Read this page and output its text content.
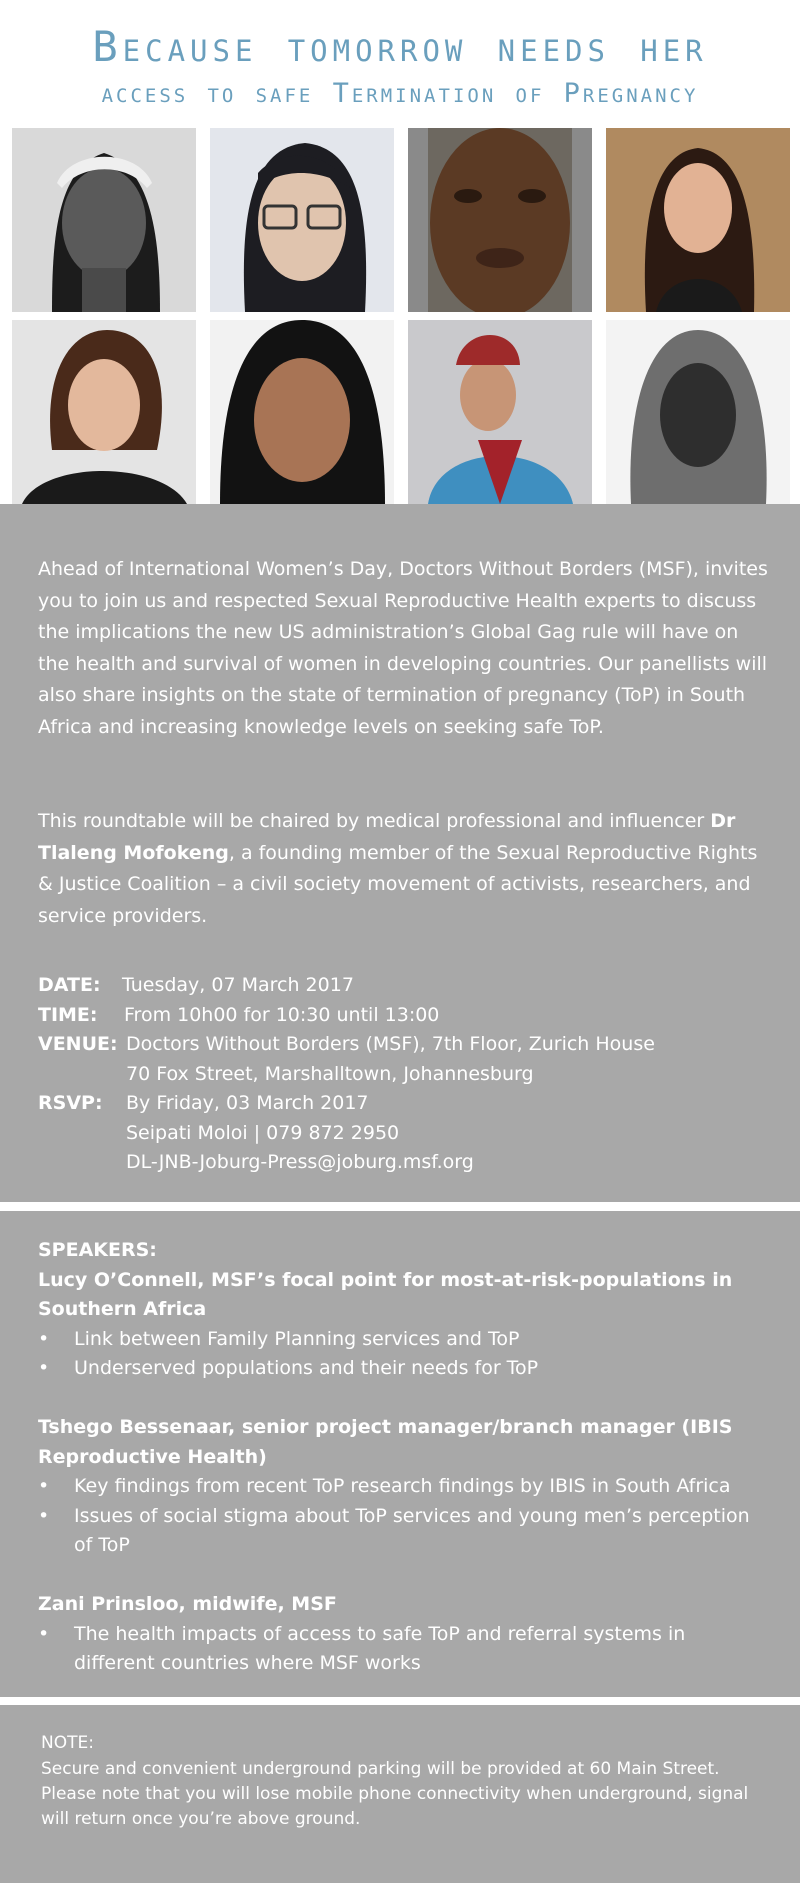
Because tomorrow needs her
access to safe Termination of Pregnancy
Ahead of International Women’s Day, Doctors Without Borders (MSF), invites you to join us and respected Sexual Reproductive Health experts to discuss the implications the new US administration’s Global Gag rule will have on the health and survival of women in developing countries. Our panellists will also share insights on the state of termination of pregnancy (ToP) in South Africa and increasing knowledge levels on seeking safe ToP.
This roundtable will be chaired by medical professional and influencer Dr Tlaleng Mofokeng, a founding member of the Sexual Reproductive Rights & Justice Coalition – a civil society movement of activists, researchers, and service providers.
DATE: Tuesday, 07 March 2017
TIME: From 10h00 for 10:30 until 13:00
VENUE: Doctors Without Borders (MSF), 7th Floor, Zurich House
70 Fox Street, Marshalltown, Johannesburg
RSVP: By Friday, 03 March 2017
Seipati Moloi | 079 872 2950
DL-JNB-Joburg-Press@joburg.msf.org
SPEAKERS:
Lucy O’Connell, MSF’s focal point for most-at-risk-populations in Southern Africa
• Link between Family Planning services and ToP
• Underserved populations and their needs for ToP
Tshego Bessenaar, senior project manager/branch manager (IBIS Reproductive Health)
• Key findings from recent ToP research findings by IBIS in South Africa
• Issues of social stigma about ToP services and young men’s perception of ToP
Zani Prinsloo, midwife, MSF
• The health impacts of access to safe ToP and referral systems in different countries where MSF works
NOTE:
Secure and convenient underground parking will be provided at 60 Main Street. Please note that you will lose mobile phone connectivity when underground, signal will return once you’re above ground.
